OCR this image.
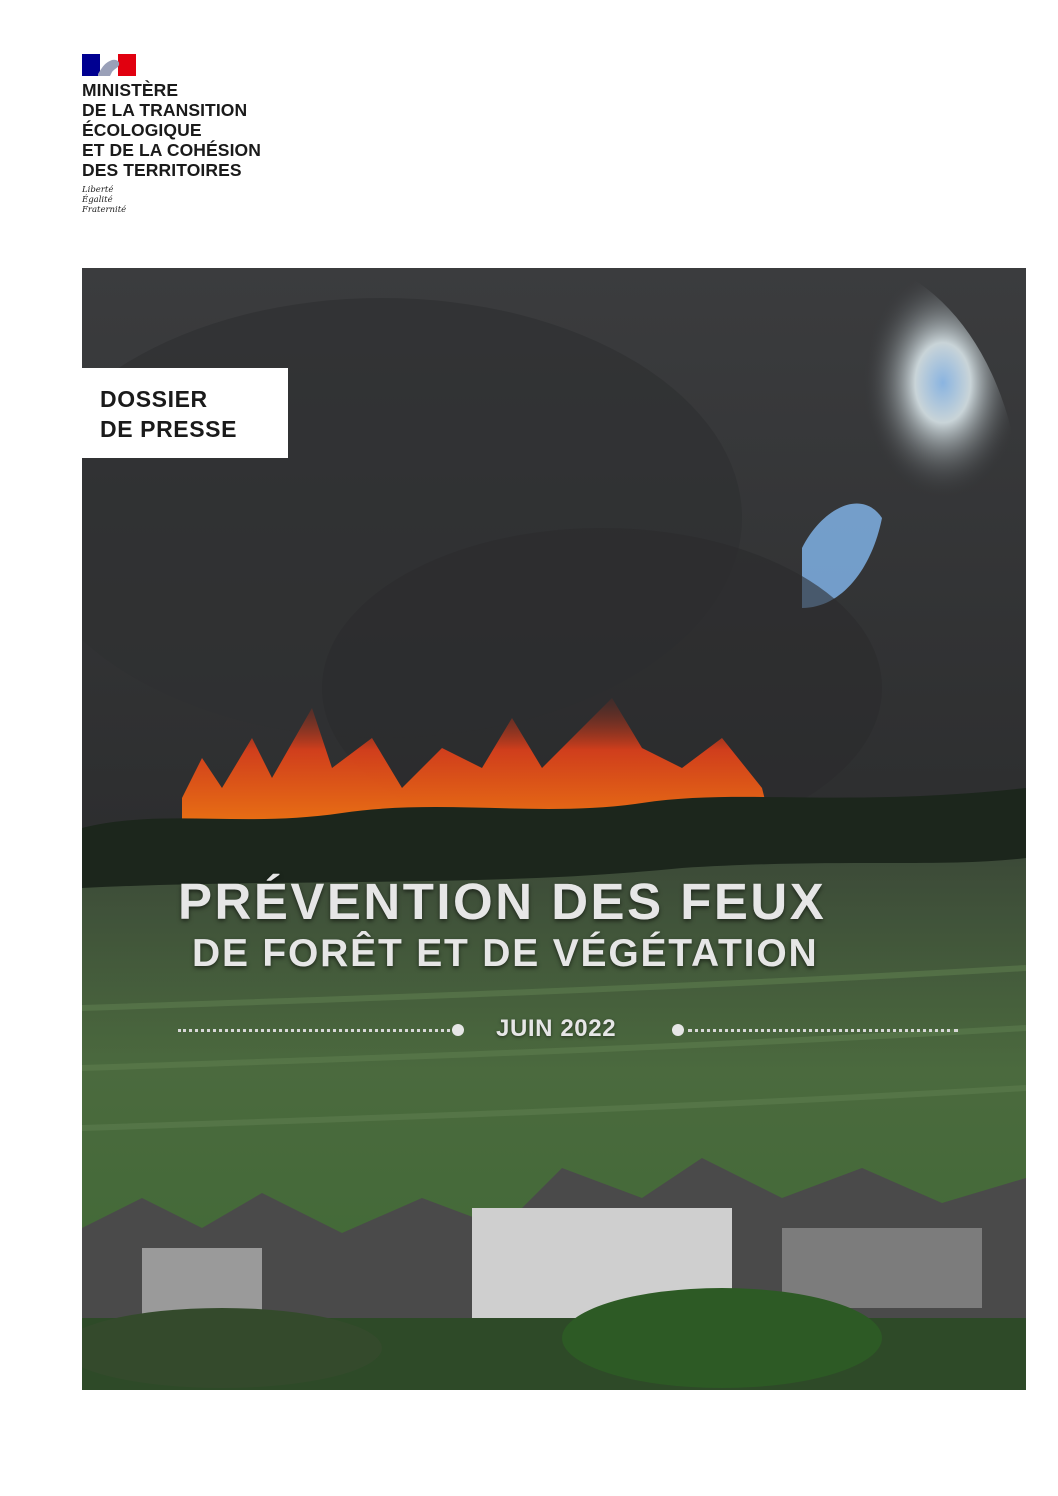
MINISTÈRE
DE LA TRANSITION
ÉCOLOGIQUE
ET DE LA COHÉSION
DES TERRITOIRES
Liberté
Égalité
Fraternité
DOSSIER
DE PRESSE
PRÉVENTION DES FEUX
DE FORÊT ET DE VÉGÉTATION
JUIN 2022
